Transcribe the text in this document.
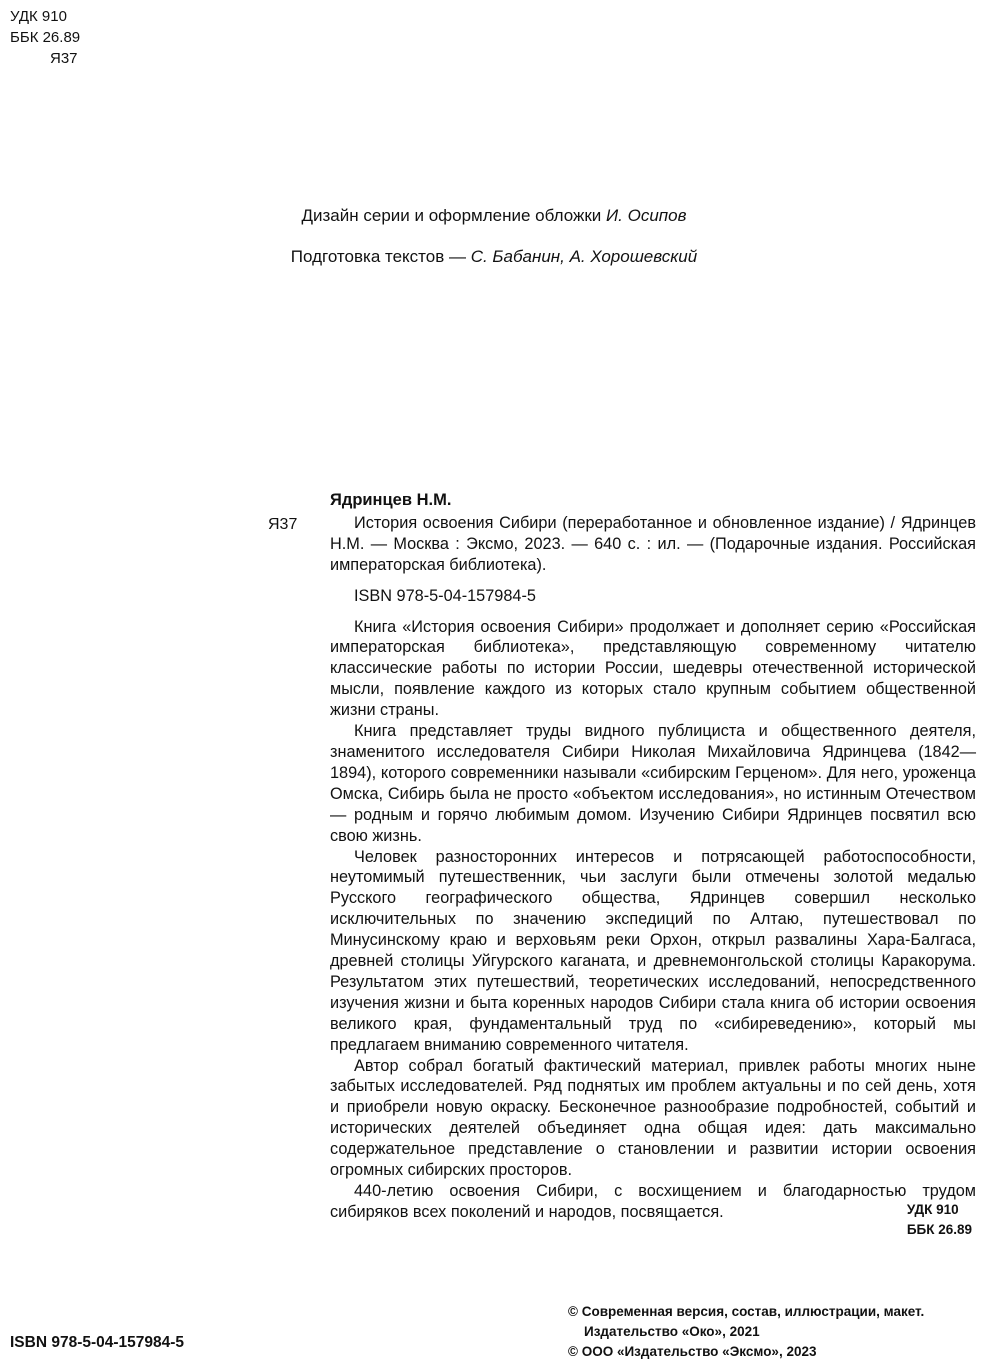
УДК 910
ББК 26.89
Я37
Дизайн серии и оформление обложки И. Осипов
Подготовка текстов — С. Бабанин, А. Хорошевский
Я37
Ядринцев Н.М.

История освоения Сибири (переработанное и обновленное издание) / Ядринцев Н.М. — Москва : Эксмо, 2023. — 640 с. : ил. — (Подарочные издания. Российская императорская библиотека).

ISBN 978-5-04-157984-5

Книга «История освоения Сибири» продолжает и дополняет серию «Российская императорская библиотека», представляющую современному читателю классические работы по истории России, шедевры отечественной исторической мысли, появление каждого из которых стало крупным событием общественной жизни страны.

Книга представляет труды видного публициста и общественного деятеля, знаменитого исследователя Сибири Николая Михайловича Ядринцева (1842—1894), которого современники называли «сибирским Герценом». Для него, уроженца Омска, Сибирь была не просто «объектом исследования», но истинным Отечеством — родным и горячо любимым домом. Изучению Сибири Ядринцев посвятил всю свою жизнь.

Человек разносторонних интересов и потрясающей работоспособности, неутомимый путешественник, чьи заслуги были отмечены золотой медалью Русского географического общества, Ядринцев совершил несколько исключительных по значению экспедиций по Алтаю, путешествовал по Минусинскому краю и верховьям реки Орхон, открыл развалины Хара-Балгаса, древней столицы Уйгурского каганата, и древнемонгольской столицы Каракорума. Результатом этих путешествий, теоретических исследований, непосредственного изучения жизни и быта коренных народов Сибири стала книга об истории освоения великого края, фундаментальный труд по «сибиреведению», который мы предлагаем вниманию современного читателя.

Автор собрал богатый фактический материал, привлек работы многих ныне забытых исследователей. Ряд поднятых им проблем актуальны и по сей день, хотя и приобрели новую окраску. Бесконечное разнообразие подробностей, событий и исторических деятелей объединяет одна общая идея: дать максимально содержательное представление о становлении и развитии истории освоения огромных сибирских просторов.

440-летию освоения Сибири, с восхищением и благодарностью трудом сибиряков всех поколений и народов, посвящается.	УДК 910
ББК 26.89
© Современная версия, состав, иллюстрации, макет.
Издательство «Око», 2021
© ООО «Издательство «Эксмо», 2023
ISBN 978-5-04-157984-5
